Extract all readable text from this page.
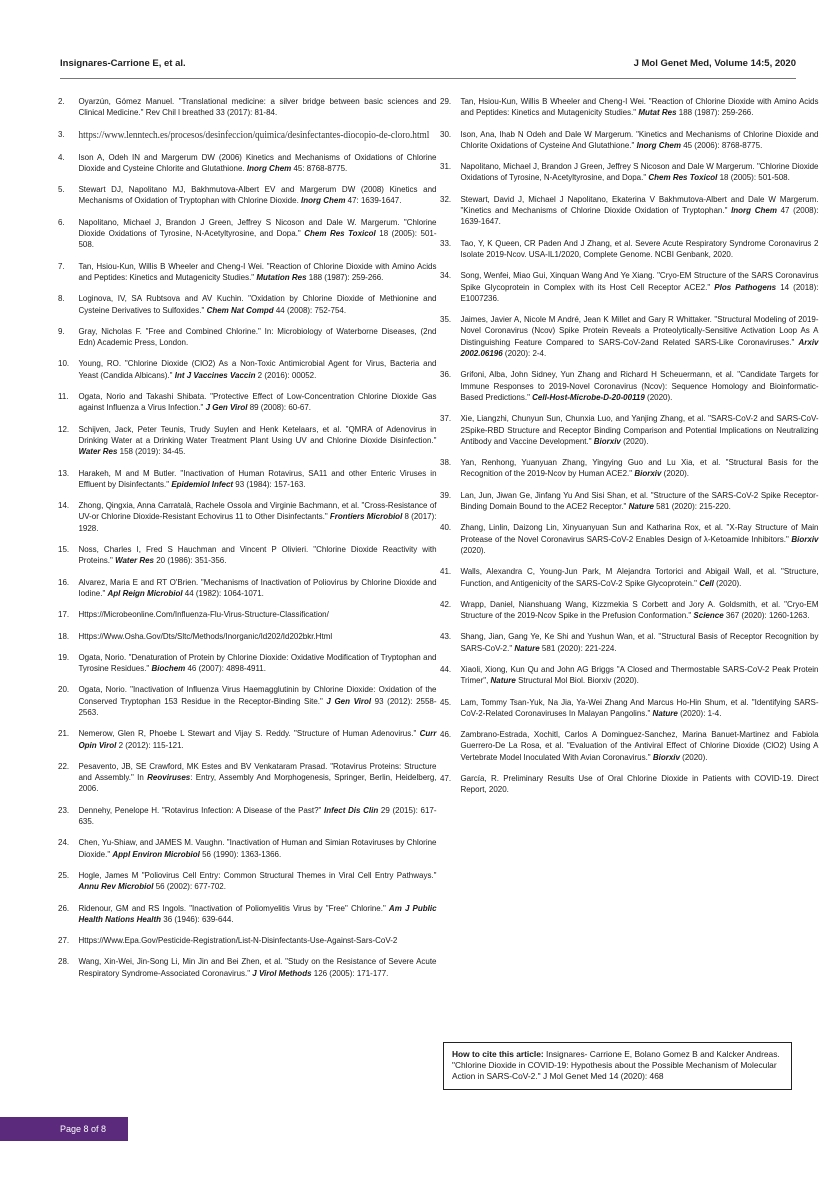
Insignares-Carrione E, et al.	J Mol Genet Med, Volume 14:5, 2020
2. Oyarzún, Gómez Manuel. "Translational medicine: a silver bridge between basic sciences and Clinical Medicine." Rev Chil l breathed 33 (2017): 81-84.
3. https://www.lenntech.es/procesos/desinfeccion/quimica/desinfectantes-diocopio-de-cloro.html
4. Ison A, Odeh IN and Margerum DW (2006) Kinetics and Mechanisms of Oxidations of Chlorine Dioxide and Cysteine Chlorite and Glutathione. Inorg Chem 45: 8768-8775.
5. Stewart DJ, Napolitano MJ, Bakhmutova-Albert EV and Margerum DW (2008) Kinetics and Mechanisms of Oxidation of Tryptophan with Chlorine Dioxide. Inorg Chem 47: 1639-1647.
6. Napolitano, Michael J, Brandon J Green, Jeffrey S Nicoson and Dale W. Margerum. "Chlorine Dioxide Oxidations of Tyrosine, N-Acetyltyrosine, and Dopa." Chem Res Toxicol 18 (2005): 501-508.
7. Tan, Hsiou-Kun, Willis B Wheeler and Cheng-I Wei. "Reaction of Chlorine Dioxide with Amino Acids and Peptides: Kinetics and Mutagenicity Studies." Mutation Res 188 (1987): 259-266.
8. Loginova, IV, SA Rubtsova and AV Kuchin. "Oxidation by Chlorine Dioxide of Methionine and Cysteine Derivatives to Sulfoxides." Chem Nat Compd 44 (2008): 752-754.
9. Gray, Nicholas F. "Free and Combined Chlorine." In: Microbiology of Waterborne Diseases, (2nd Edn) Academic Press, London.
10. Young, RO. "Chlorine Dioxide (ClO2) As a Non-Toxic Antimicrobial Agent for Virus, Bacteria and Yeast (Candida Albicans)." Int J Vaccines Vaccin 2 (2016): 00052.
11. Ogata, Norio and Takashi Shibata. "Protective Effect of Low-Concentration Chlorine Dioxide Gas against Influenza a Virus Infection." J Gen Virol 89 (2008): 60-67.
12. Schijven, Jack, Peter Teunis, Trudy Suylen and Henk Ketelaars, et al. "QMRA of Adenovirus in Drinking Water at a Drinking Water Treatment Plant Using UV and Chlorine Dioxide Disinfection." Water Res 158 (2019): 34-45.
13. Harakeh, M and M Butler. "Inactivation of Human Rotavirus, SA11 and other Enteric Viruses in Effluent by Disinfectants." Epidemiol Infect 93 (1984): 157-163.
14. Zhong, Qingxia, Anna Carratalà, Rachele Ossola and Virginie Bachmann, et al. "Cross-Resistance of UV-or Chlorine Dioxide-Resistant Echovirus 11 to Other Disinfectants." Frontiers Microbiol 8 (2017): 1928.
15. Noss, Charles I, Fred S Hauchman and Vincent P Olivieri. "Chlorine Dioxide Reactivity with Proteins." Water Res 20 (1986): 351-356.
16. Alvarez, Maria E and RT O'Brien. "Mechanisms of Inactivation of Poliovirus by Chlorine Dioxide and Iodine." Apl Reign Microbiol 44 (1982): 1064-1071.
17. Https://Microbeonline.Com/Influenza-Flu-Virus-Structure-Classification/
18. Https://Www.Osha.Gov/Dts/Sltc/Methods/Inorganic/Id202/Id202bkr.Html
19. Ogata, Norio. "Denaturation of Protein by Chlorine Dioxide: Oxidative Modification of Tryptophan and Tyrosine Residues." Biochem 46 (2007): 4898-4911.
20. Ogata, Norio. "Inactivation of Influenza Virus Haemagglutinin by Chlorine Dioxide: Oxidation of the Conserved Tryptophan 153 Residue in the Receptor-Binding Site." J Gen Virol 93 (2012): 2558-2563.
21. Nemerow, Glen R, Phoebe L Stewart and Vijay S. Reddy. "Structure of Human Adenovirus." Curr Opin Virol 2 (2012): 115-121.
22. Pesavento, JB, SE Crawford, MK Estes and BV Venkataram Prasad. "Rotavirus Proteins: Structure and Assembly." In Reoviruses: Entry, Assembly And Morphogenesis, Springer, Berlin, Heidelberg, 2006.
23. Dennehy, Penelope H. "Rotavirus Infection: A Disease of the Past?" Infect Dis Clin 29 (2015): 617-635.
24. Chen, Yu-Shiaw, and JAMES M. Vaughn. "Inactivation of Human and Simian Rotaviruses by Chlorine Dioxide." Appl Environ Microbiol 56 (1990): 1363-1366.
25. Hogle, James M "Poliovirus Cell Entry: Common Structural Themes in Viral Cell Entry Pathways." Annu Rev Microbiol 56 (2002): 677-702.
26. Ridenour, GM and RS Ingols. "Inactivation of Poliomyelitis Virus by "Free" Chlorine." Am J Public Health Nations Health 36 (1946): 639-644.
27. Https://Www.Epa.Gov/Pesticide-Registration/List-N-Disinfectants-Use-Against-Sars-CoV-2
28. Wang, Xin-Wei, Jin-Song Li, Min Jin and Bei Zhen, et al. "Study on the Resistance of Severe Acute Respiratory Syndrome-Associated Coronavirus." J Virol Methods 126 (2005): 171-177.
29. Tan, Hsiou-Kun, Willis B Wheeler and Cheng-I Wei. "Reaction of Chlorine Dioxide with Amino Acids and Peptides: Kinetics and Mutagenicity Studies." Mutat Res 188 (1987): 259-266.
30. Ison, Ana, Ihab N Odeh and Dale W Margerum. "Kinetics and Mechanisms of Chlorine Dioxide and Chlorite Oxidations of Cysteine And Glutathione." Inorg Chem 45 (2006): 8768-8775.
31. Napolitano, Michael J, Brandon J Green, Jeffrey S Nicoson and Dale W Margerum. "Chlorine Dioxide Oxidations of Tyrosine, N-Acetyltyrosine, and Dopa." Chem Res Toxicol 18 (2005): 501-508.
32. Stewart, David J, Michael J Napolitano, Ekaterina V Bakhmutova-Albert and Dale W Margerum. "Kinetics and Mechanisms of Chlorine Dioxide Oxidation of Tryptophan." Inorg Chem 47 (2008): 1639-1647.
33. Tao, Y, K Queen, CR Paden And J Zhang, et al. Severe Acute Respiratory Syndrome Coronavirus 2 Isolate 2019-Ncov. USA-IL1/2020, Complete Genome. NCBI Genbank, 2020.
34. Song, Wenfei, Miao Gui, Xinquan Wang And Ye Xiang. "Cryo-EM Structure of the SARS Coronavirus Spike Glycoprotein in Complex with its Host Cell Receptor ACE2." Plos Pathogens 14 (2018): E1007236.
35. Jaimes, Javier A, Nicole M André, Jean K Millet and Gary R Whittaker. "Structural Modeling of 2019-Novel Coronavirus (Ncov) Spike Protein Reveals a Proteolytically-Sensitive Activation Loop As A Distinguishing Feature Compared to SARS-CoV-2and Related SARS-Like Coronaviruses." Arxiv 2002.06196 (2020): 2-4.
36. Grifoni, Alba, John Sidney, Yun Zhang and Richard H Scheuermann, et al. "Candidate Targets for Immune Responses to 2019-Novel Coronavirus (Ncov): Sequence Homology and Bioinformatic-Based Predictions." Cell-Host-Microbe-D-20-00119 (2020).
37. Xie, Liangzhi, Chunyun Sun, Chunxia Luo, and Yanjing Zhang, et al. "SARS-CoV-2 and SARS-CoV-2Spike-RBD Structure and Receptor Binding Comparison and Potential Implications on Neutralizing Antibody and Vaccine Development." Biorxiv (2020).
38. Yan, Renhong, Yuanyuan Zhang, Yingying Guo and Lu Xia, et al. "Structural Basis for the Recognition of the 2019-Ncov by Human ACE2." Biorxiv (2020).
39. Lan, Jun, Jiwan Ge, Jinfang Yu And Sisi Shan, et al. "Structure of the SARS-CoV-2 Spike Receptor-Binding Domain Bound to the ACE2 Receptor." Nature 581 (2020): 215-220.
40. Zhang, Linlin, Daizong Lin, Xinyuanyuan Sun and Katharina Rox, et al. "X-Ray Structure of Main Protease of the Novel Coronavirus SARS-CoV-2 Enables Design of λ-Ketoamide Inhibitors." Biorxiv (2020).
41. Walls, Alexandra C, Young-Jun Park, M Alejandra Tortorici and Abigail Wall, et al. "Structure, Function, and Antigenicity of the SARS-CoV-2 Spike Glycoprotein." Cell (2020).
42. Wrapp, Daniel, Nianshuang Wang, Kizzmekia S Corbett and Jory A. Goldsmith, et al. "Cryo-EM Structure of the 2019-Ncov Spike in the Prefusion Conformation." Science 367 (2020): 1260-1263.
43. Shang, Jian, Gang Ye, Ke Shi and Yushun Wan, et al. "Structural Basis of Receptor Recognition by SARS-CoV-2." Nature 581 (2020): 221-224.
44. Xiaoli, Xiong, Kun Qu and John AG Briggs "A Closed and Thermostable SARS-CoV-2 Peak Protein Trimer", Nature Structural Mol Biol. Biorxiv (2020).
45. Lam, Tommy Tsan-Yuk, Na Jia, Ya-Wei Zhang And Marcus Ho-Hin Shum, et al. "Identifying SARS-CoV-2-Related Coronaviruses In Malayan Pangolins." Nature (2020): 1-4.
46. Zambrano-Estrada, Xochitl, Carlos A Dominguez-Sanchez, Marina Banuet-Martinez and Fabiola Guerrero-De La Rosa, et al. "Evaluation of the Antiviral Effect of Chlorine Dioxide (ClO2) Using A Vertebrate Model Inoculated With Avian Coronavirus." Biorxiv (2020).
47. García, R. Preliminary Results Use of Oral Chlorine Dioxide in Patients with COVID-19. Direct Report, 2020.
How to cite this article: Insignares- Carrione E, Bolano Gomez B and Kalcker Andreas. "Chlorine Dioxide in COVID-19: Hypothesis about the Possible Mechanism of Molecular Action in SARS-CoV-2." J Mol Genet Med 14 (2020): 468
Page 8 of 8
